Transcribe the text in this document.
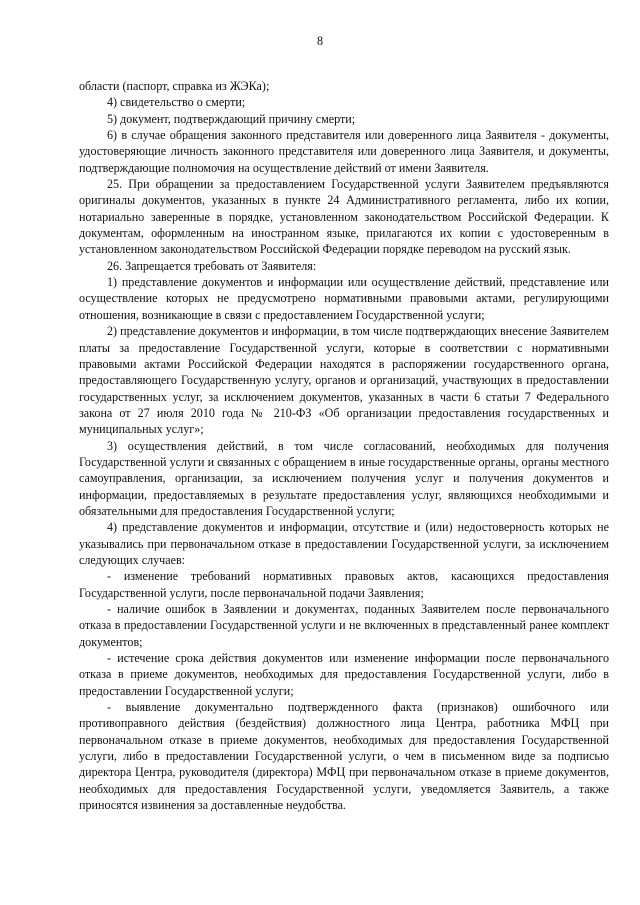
8

области (паспорт, справка из ЖЭКа);

4) свидетельство о смерти;

5) документ, подтверждающий причину смерти;

6) в случае обращения законного представителя или доверенного лица Заявителя - документы, удостоверяющие личность законного представителя или доверенного лица Заявителя, и документы, подтверждающие полномочия на осуществление действий от имени Заявителя.

25. При обращении за предоставлением Государственной услуги Заявителем предъявляются оригиналы документов, указанных в пункте 24 Административного регламента, либо их копии, нотариально заверенные в порядке, установленном законодательством Российской Федерации. К документам, оформленным на иностранном языке, прилагаются их копии с удостоверенным в установленном законодательством Российской Федерации порядке переводом на русский язык.

26. Запрещается требовать от Заявителя:

1) представление документов и информации или осуществление действий, представление или осуществление которых не предусмотрено нормативными правовыми актами, регулирующими отношения, возникающие в связи с предоставлением Государственной услуги;

2) представление документов и информации, в том числе подтверждающих внесение Заявителем платы за предоставление Государственной услуги, которые в соответствии с нормативными правовыми актами Российской Федерации находятся в распоряжении государственного органа, предоставляющего Государственную услугу, органов и организаций, участвующих в предоставлении государственных услуг, за исключением документов, указанных в части 6 статьи 7 Федерального закона от 27 июля 2010 года № 210-ФЗ «Об организации предоставления государственных и муниципальных услуг»;

3) осуществления действий, в том числе согласований, необходимых для получения Государственной услуги и связанных с обращением в иные государственные органы, органы местного самоуправления, организации, за исключением получения услуг и получения документов и информации, предоставляемых в результате предоставления услуг, являющихся необходимыми и обязательными для предоставления Государственной услуги;

4) представление документов и информации, отсутствие и (или) недостоверность которых не указывались при первоначальном отказе в предоставлении Государственной услуги, за исключением следующих случаев:

- изменение требований нормативных правовых актов, касающихся предоставления Государственной услуги, после первоначальной подачи Заявления;

- наличие ошибок в Заявлении и документах, поданных Заявителем после первоначального отказа в предоставлении Государственной услуги и не включенных в представленный ранее комплект документов;

- истечение срока действия документов или изменение информации после первоначального отказа в приеме документов, необходимых для предоставления Государственной услуги, либо в предоставлении Государственной услуги;

- выявление документально подтвержденного факта (признаков) ошибочного или противоправного действия (бездействия) должностного лица Центра, работника МФЦ при первоначальном отказе в приеме документов, необходимых для предоставления Государственной услуги, либо в предоставлении Государственной услуги, о чем в письменном виде за подписью директора Центра, руководителя (директора) МФЦ при первоначальном отказе в приеме документов, необходимых для предоставления Государственной услуги, уведомляется Заявитель, а также приносятся извинения за доставленные неудобства.
